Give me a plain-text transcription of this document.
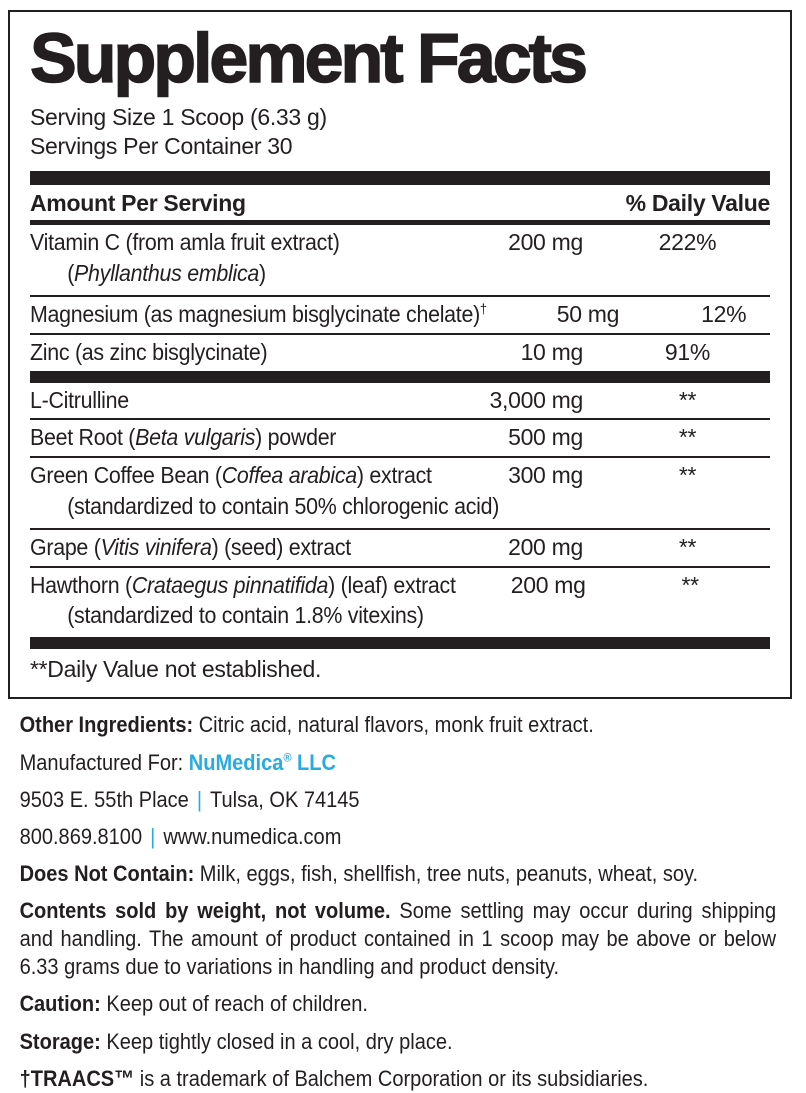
Supplement Facts
Serving Size 1 Scoop (6.33 g)
Servings Per Container 30
Amount Per Serving	% Daily Value
Vitamin C (from amla fruit extract)	200 mg	222%
(Phyllanthus emblica)
Magnesium (as magnesium bisglycinate chelate)†	50 mg	12%
Zinc (as zinc bisglycinate)	10 mg	91%
L-Citrulline	3,000 mg	**
Beet Root (Beta vulgaris) powder	500 mg	**
Green Coffee Bean (Coffea arabica) extract	300 mg	**
(standardized to contain 50% chlorogenic acid)
Grape (Vitis vinifera) (seed) extract	200 mg	**
Hawthorn (Crataegus pinnatifida) (leaf) extract	200 mg	**
(standardized to contain 1.8% vitexins)
**Daily Value not established.

Other Ingredients: Citric acid, natural flavors, monk fruit extract.

Manufactured For: NuMedica® LLC

9503 E. 55th Place | Tulsa, OK 74145

800.869.8100 | www.numedica.com

Does Not Contain: Milk, eggs, fish, shellfish, tree nuts, peanuts, wheat, soy.

Contents sold by weight, not volume. Some settling may occur during shipping and handling. The amount of product contained in 1 scoop may be above or below 6.33 grams due to variations in handling and product density.

Caution: Keep out of reach of children.

Storage: Keep tightly closed in a cool, dry place.

†TRAACS™ is a trademark of Balchem Corporation or its subsidiaries.
